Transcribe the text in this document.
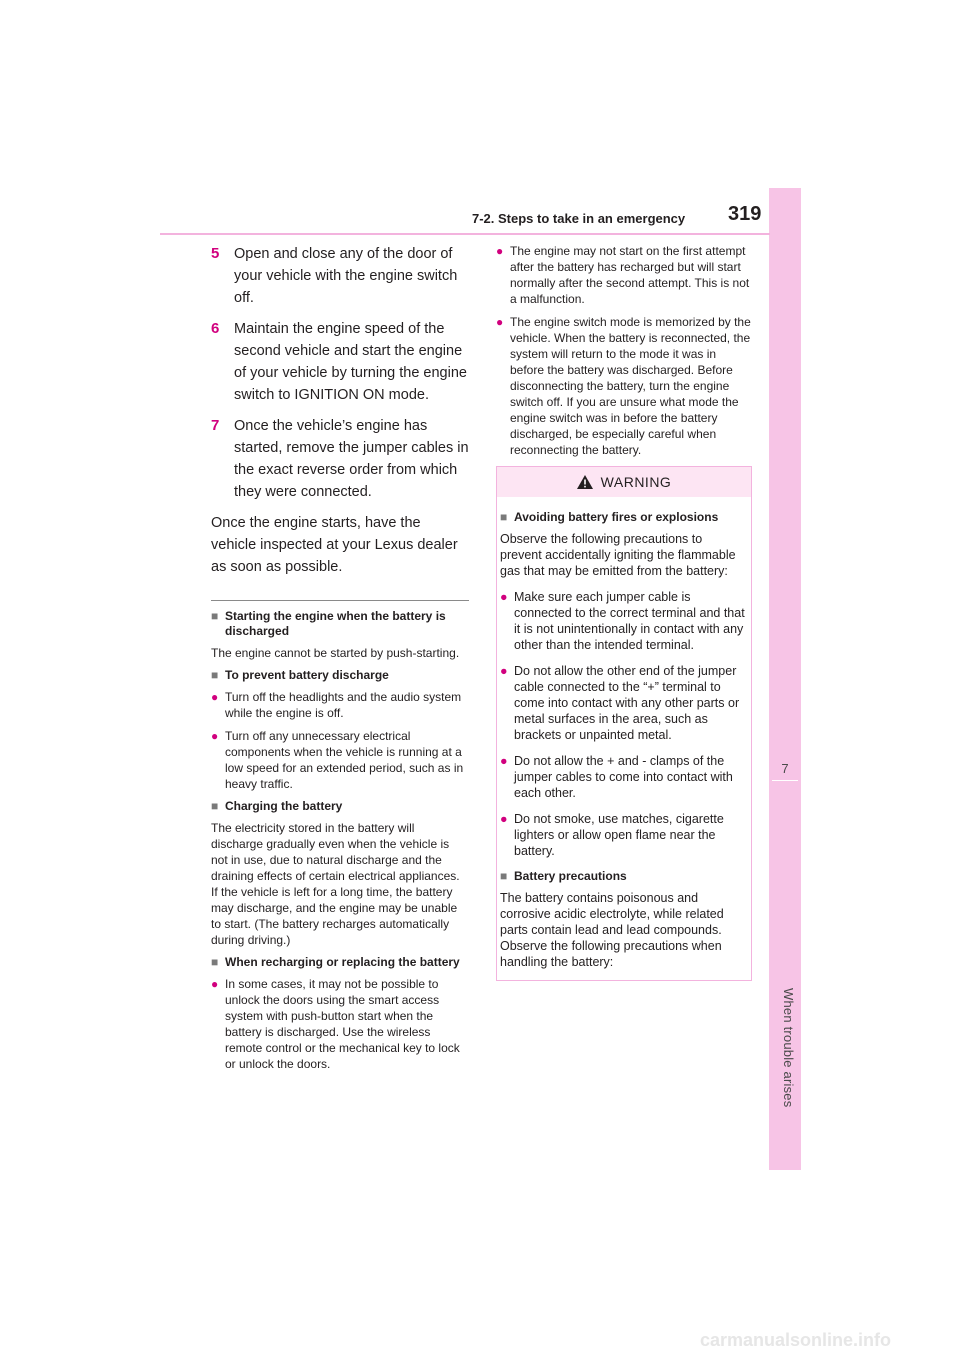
7
When trouble arises
7-2. Steps to take in an emergency 319
5 Open and close any of the door of your vehicle with the engine switch off.
6 Maintain the engine speed of the second vehicle and start the engine of your vehicle by turning the engine switch to IGNITION ON mode.
7 Once the vehicle’s engine has started, remove the jumper cables in the exact reverse order from which they were connected.
Once the engine starts, have the vehicle inspected at your Lexus dealer as soon as possible.
■ Starting the engine when the battery is discharged
The engine cannot be started by push-starting.
■ To prevent battery discharge
● Turn off the headlights and the audio system while the engine is off.
● Turn off any unnecessary electrical components when the vehicle is running at a low speed for an extended period, such as in heavy traffic.
■ Charging the battery
The electricity stored in the battery will discharge gradually even when the vehicle is not in use, due to natural discharge and the draining effects of certain electrical appliances. If the vehicle is left for a long time, the battery may discharge, and the engine may be unable to start. (The battery recharges automatically during driving.)
■ When recharging or replacing the battery
● In some cases, it may not be possible to unlock the doors using the smart access system with push-button start when the battery is discharged. Use the wireless remote control or the mechanical key to lock or unlock the doors.
● The engine may not start on the first attempt after the battery has recharged but will start normally after the second attempt. This is not a malfunction.
● The engine switch mode is memorized by the vehicle. When the battery is reconnected, the system will return to the mode it was in before the battery was discharged. Before disconnecting the battery, turn the engine switch off. If you are unsure what mode the engine switch was in before the battery discharged, be especially careful when reconnecting the battery.
WARNING
■ Avoiding battery fires or explosions
Observe the following precautions to prevent accidentally igniting the flammable gas that may be emitted from the battery:
● Make sure each jumper cable is connected to the correct terminal and that it is not unintentionally in contact with any other than the intended terminal.
● Do not allow the other end of the jumper cable connected to the “+” terminal to come into contact with any other parts or metal surfaces in the area, such as brackets or unpainted metal.
● Do not allow the + and - clamps of the jumper cables to come into contact with each other.
● Do not smoke, use matches, cigarette lighters or allow open flame near the battery.
■ Battery precautions
The battery contains poisonous and corrosive acidic electrolyte, while related parts contain lead and lead compounds. Observe the following precautions when handling the battery:
carmanualsonline.info
